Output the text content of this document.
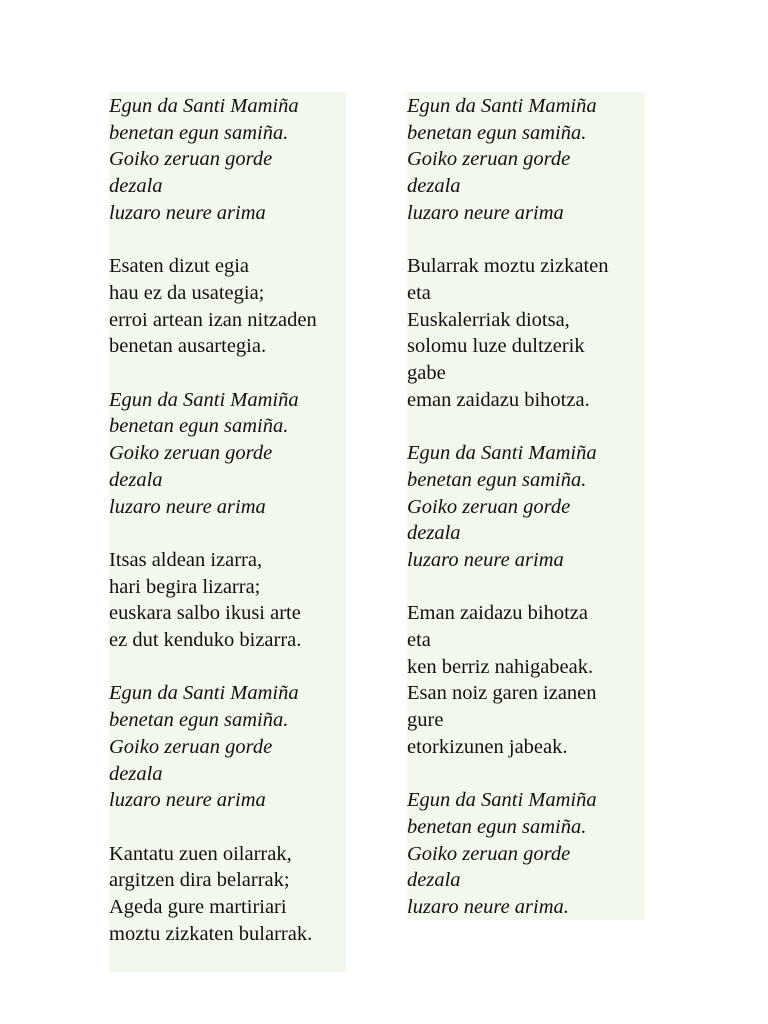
Egun da Santi Mamiña
benetan egun samiña.
Goiko zeruan gorde
dezala
luzaro neure arima
Esaten dizut egia
hau ez da usategia;
erroi artean izan nitzaden
benetan ausartegia.
Egun da Santi Mamiña
benetan egun samiña.
Goiko zeruan gorde
dezala
luzaro neure arima
Itsas aldean izarra,
hari begira lizarra;
euskara salbo ikusi arte
ez dut kenduko bizarra.
Egun da Santi Mamiña
benetan egun samiña.
Goiko zeruan gorde
dezala
luzaro neure arima
Kantatu zuen oilarrak,
argitzen dira belarrak;
Ageda gure martiriari
moztu zizkaten bularrak.
Egun da Santi Mamiña
benetan egun samiña.
Goiko zeruan gorde
dezala
luzaro neure arima
Bularrak moztu zizkaten
eta
Euskalerriak diotsa,
solomu luze dultzerik
gabe
eman zaidazu bihotza.
Egun da Santi Mamiña
benetan egun samiña.
Goiko zeruan gorde
dezala
luzaro neure arima
Eman zaidazu bihotza
eta
ken berriz nahigabeak.
Esan noiz garen izanen
gure
etorkizunen jabeak.
Egun da Santi Mamiña
benetan egun samiña.
Goiko zeruan gorde
dezala
luzaro neure arima.
